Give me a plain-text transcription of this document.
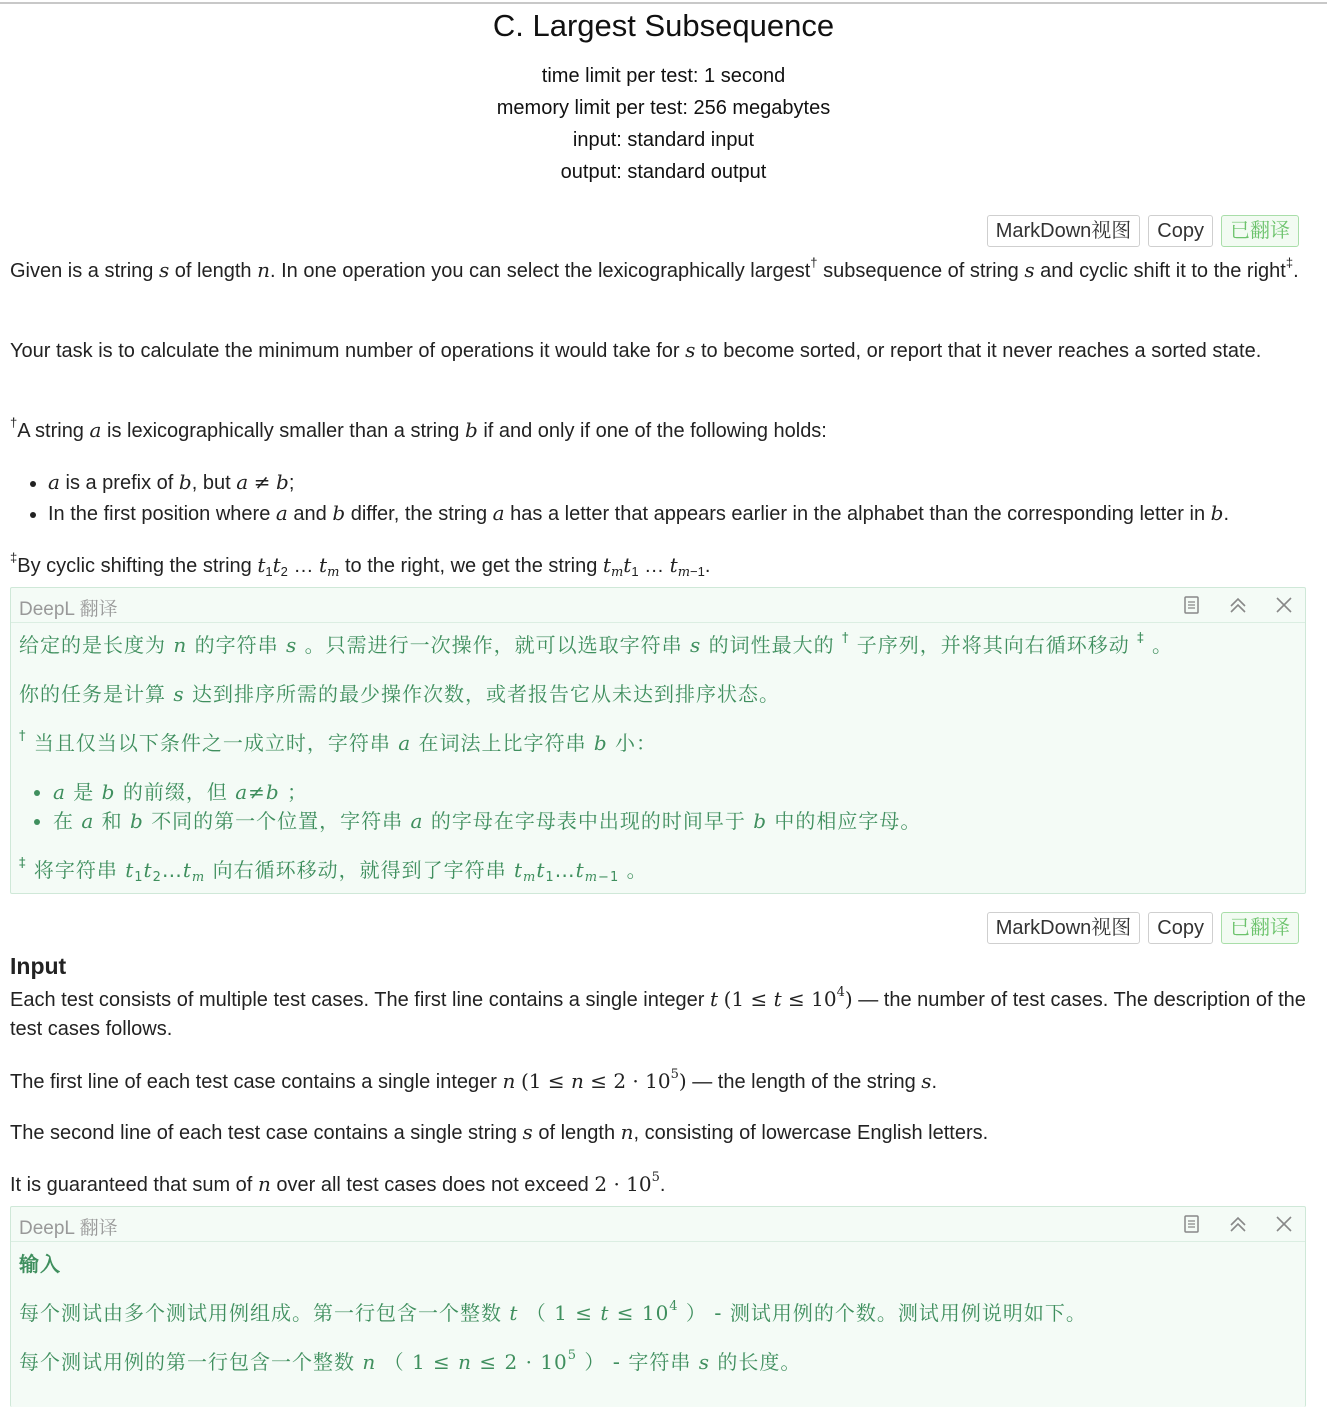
C. Largest Subsequence
time limit per test: 1 second
memory limit per test: 256 megabytes
input: standard input
output: standard output
MarkDown视图	Copy	已翻译
Given is a string s of length n. In one operation you can select the lexicographically largest† subsequence of string s and cyclic shift it to the right‡.
Your task is to calculate the minimum number of operations it would take for s to become sorted, or report that it never reaches a sorted state.
†A string a is lexicographically smaller than a string b if and only if one of the following holds:
• a is a prefix of b, but a ≠ b;
• In the first position where a and b differ, the string a has a letter that appears earlier in the alphabet than the corresponding letter in b.
‡By cyclic shifting the string $t_1t_2$ … $t_m$ to the right, we get the string $t_mt_1$ … $t_{m-1}$.
DeepL 翻译

给定的是长度为 n 的字符串 s 。只需进行一次操作，就可以选取字符串 s 的词性最大的 † 子序列，并将其向右循环移动 ‡ 。

你的任务是计算 s 达到排序所需的最少操作次数，或者报告它从未达到排序状态。

† 当且仅当以下条件之一成立时，字符串 a 在词法上比字符串 b 小：

• a 是 b 的前缀，但 a≠b ；
• 在 a 和 b 不同的第一个位置，字符串 a 的字母在字母表中出现的时间早于 b 中的相应字母。

‡ 将字符串 $t_1t_2\dots t_m$ 向右循环移动，就得到了字符串 $t_mt_1\dots t_{m-1}$ 。

MarkDown视图	Copy	已翻译
Input
Each test consists of multiple test cases. The first line contains a single integer t $(1 \le t \le 10^4)$ — the number of test cases. The description of the test cases follows.
The first line of each test case contains a single integer n $(1 \le n \le 2 \cdot 10^5)$ — the length of the string s.
The second line of each test case contains a single string s of length n, consisting of lowercase English letters.
It is guaranteed that sum of n over all test cases does not exceed $2 \cdot 10^5$.
DeepL 翻译

输入

每个测试由多个测试用例组成。第一行包含一个整数 t （ $1 \le t \le 10^4$ ） - 测试用例的个数。测试用例说明如下。

每个测试用例的第一行包含一个整数 n （ $1 \le n \le 2 \cdot 10^5$ ） - 字符串 s 的长度。
